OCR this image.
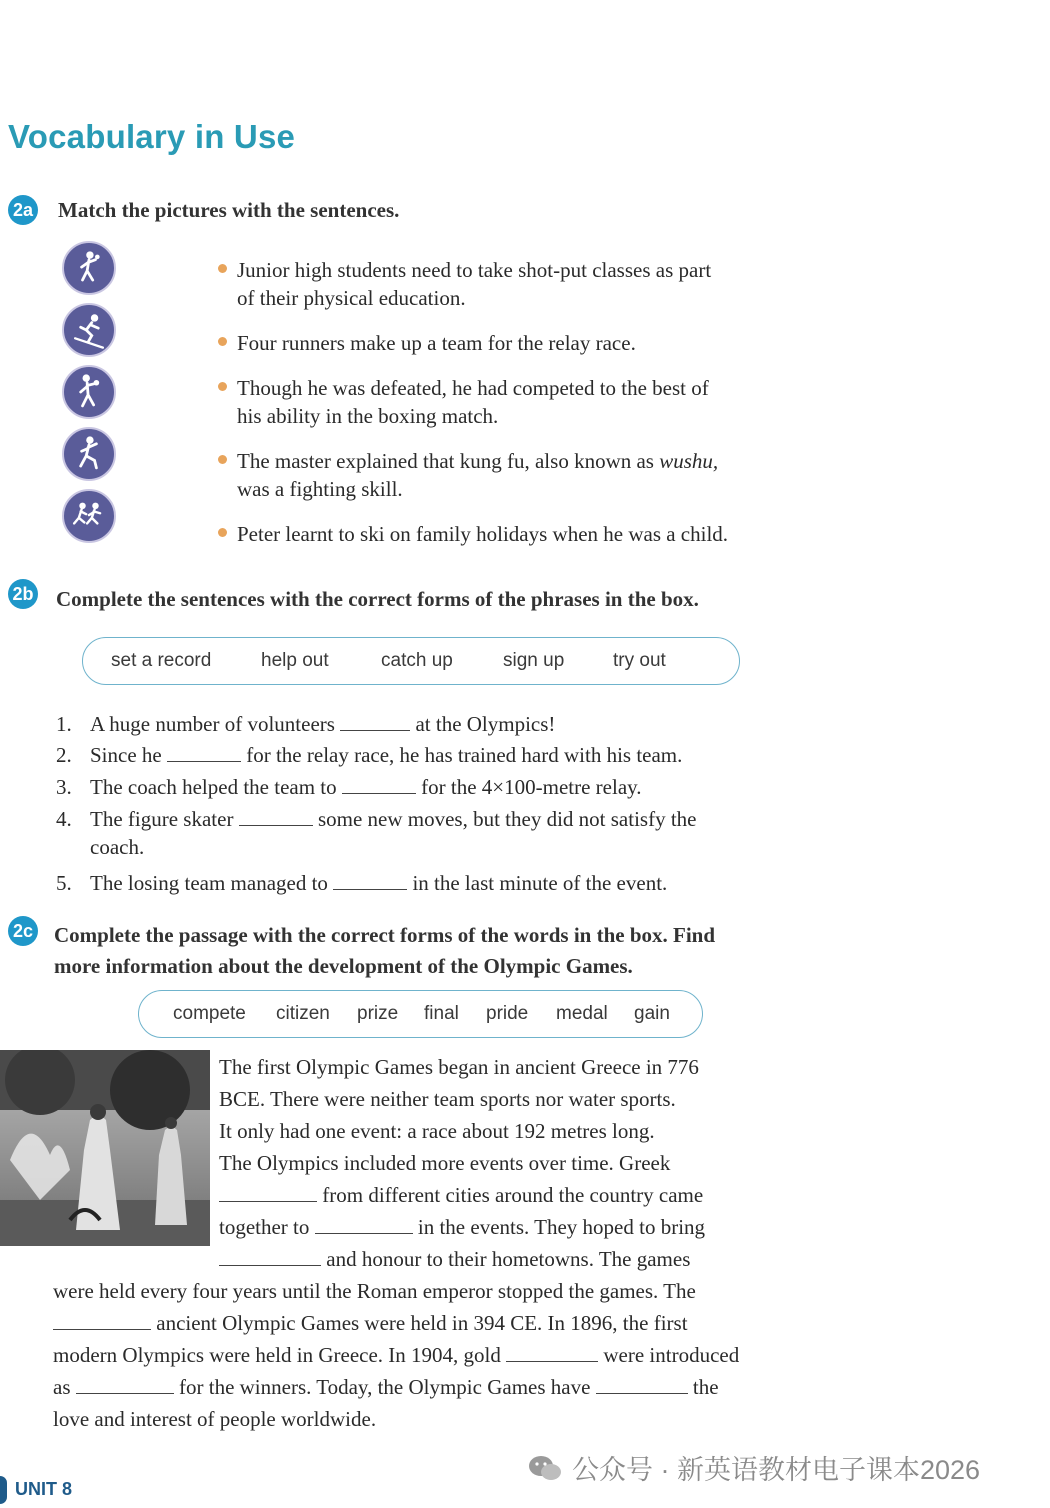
Vocabulary in Use
2a Match the pictures with the sentences.
Junior high students need to take shot-put classes as part
of their physical education.
Four runners make up a team for the relay race.
Though he was defeated, he had competed to the best of
his ability in the boxing match.
The master explained that kung fu, also known as wushu,
was a fighting skill.
Peter learnt to ski on family holidays when he was a child.
2b Complete the sentences with the correct forms of the phrases in the box.
set a record	help out	catch up	sign up	try out
1. A huge number of volunteers	at the Olympics!
2. Since he	for the relay race, he has trained hard with his team.
3. The coach helped the team to	for the 4×100-metre relay.
4. The figure skater	some new moves, but they did not satisfy the
coach.
5. The losing team managed to	in the last minute of the event.
2c Complete the passage with the correct forms of the words in the box. Find
more information about the development of the Olympic Games.
compete	citizen	prize	final	pride	medal	gain
The first Olympic Games began in ancient Greece in 776
BCE. There were neither team sports nor water sports.
It only had one event: a race about 192 metres long.
The Olympics included more events over time. Greek
from different cities around the country came
together to	in the events. They hoped to bring
and honour to their hometowns. The games
were held every four years until the Roman emperor stopped the games. The
ancient Olympic Games were held in 394 CE. In 1896, the first
modern Olympics were held in Greece. In 1904, gold	were introduced
as	for the winners. Today, the Olympic Games have	the
love and interest of people worldwide.
UNIT 8
公众号 · 新英语教材电子课本2026
